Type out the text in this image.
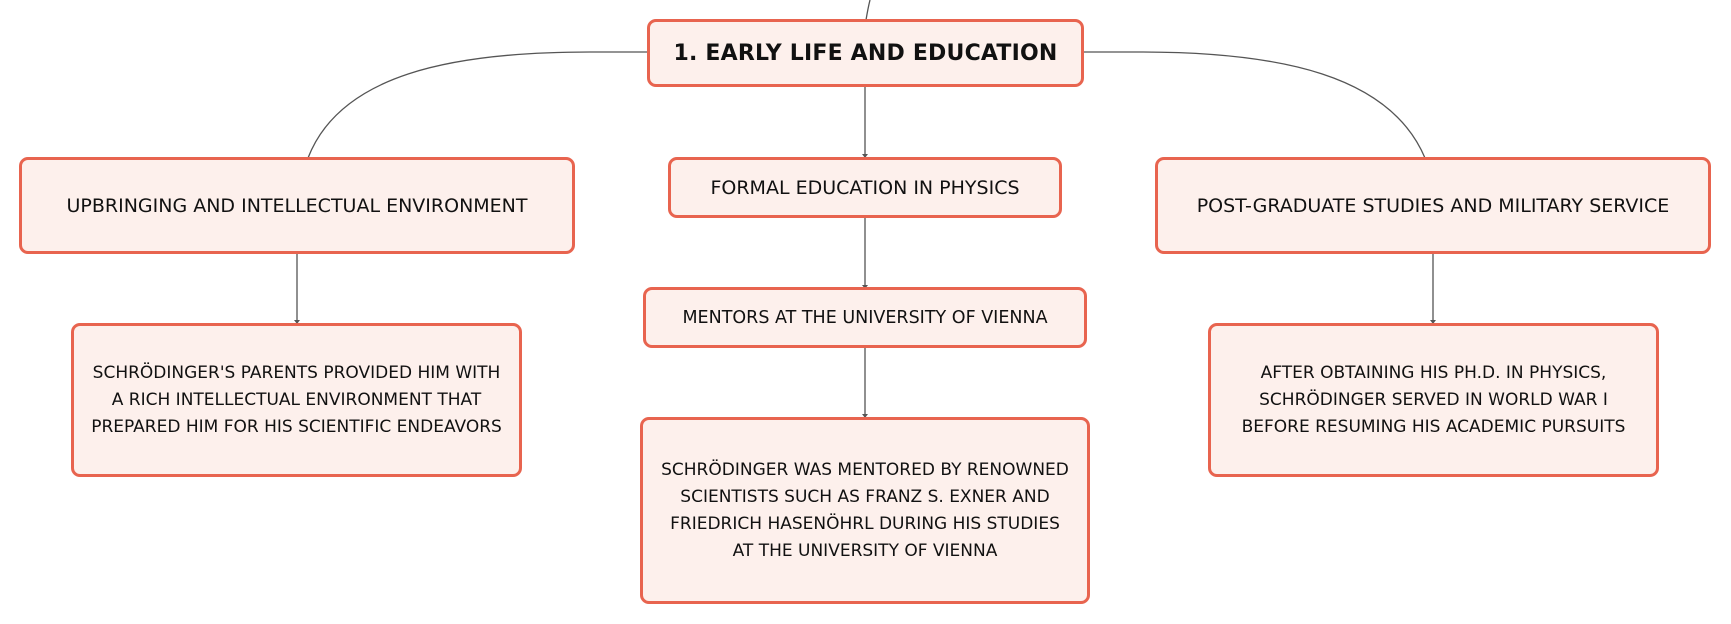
1. EARLY LIFE AND EDUCATION
UPBRINGING AND INTELLECTUAL ENVIRONMENT
FORMAL EDUCATION IN PHYSICS
POST-GRADUATE STUDIES AND MILITARY SERVICE
MENTORS AT THE UNIVERSITY OF VIENNA
SCHRÖDINGER'S PARENTS PROVIDED HIM WITH A RICH INTELLECTUAL ENVIRONMENT THAT PREPARED HIM FOR HIS SCIENTIFIC ENDEAVORS
SCHRÖDINGER WAS MENTORED BY RENOWNED SCIENTISTS SUCH AS FRANZ S. EXNER AND FRIEDRICH HASENÖHRL DURING HIS STUDIES AT THE UNIVERSITY OF VIENNA
AFTER OBTAINING HIS PH.D. IN PHYSICS, SCHRÖDINGER SERVED IN WORLD WAR I BEFORE RESUMING HIS ACADEMIC PURSUITS
